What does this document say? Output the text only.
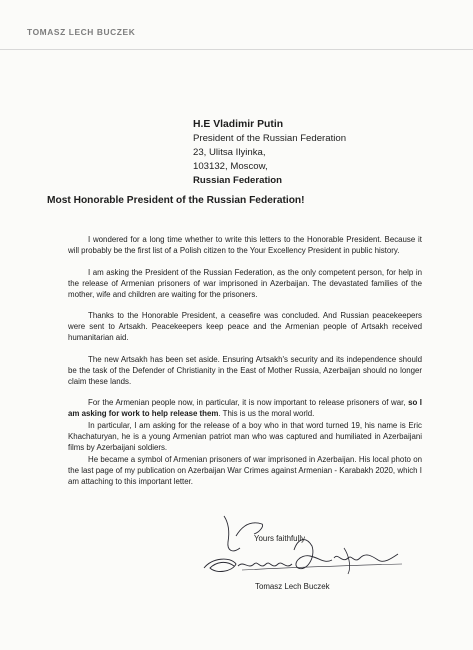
TOMASZ LECH BUCZEK
H.E Vladimir Putin
President of the Russian Federation
23, Ulitsa Ilyinka,
103132, Moscow,
Russian Federation
Most Honorable President of the Russian Federation!

I wondered for a long time whether to write this letters to the Honorable President. Because it will probably be the first list of a Polish citizen to the Your Excellency President in public history.

I am asking the President of the Russian Federation, as the only competent person, for help in the release of Armenian prisoners of war imprisoned in Azerbaijan. The devastated families of the mother, wife and children are waiting for the prisoners.

Thanks to the Honorable President, a ceasefire was concluded. And Russian peacekeepers were sent to Artsakh. Peacekeepers keep peace and the Armenian people of Artsakh received humanitarian aid.

The new Artsakh has been set aside. Ensuring Artsakh's security and its independence should be the task of the Defender of Christianity in the East of Mother Russia, Azerbaijan should no longer claim these lands.

For the Armenian people now, in particular, it is now important to release prisoners of war, so I am asking for work to help release them. This is us the moral world.

In particular, I am asking for the release of a boy who in that word turned 19, his name is Eric Khachaturyan, he is a young Armenian patriot man who was captured and humiliated in Azerbaijani films by Azerbaijani soldiers.

He became a symbol of Armenian prisoners of war imprisoned in Azerbaijan. His local photo on the last page of my publication on Azerbaijan War Crimes against Armenian - Karabakh 2020, which I am attaching to this important letter.

Yours faithfully
Tomasz Lech Buczek
